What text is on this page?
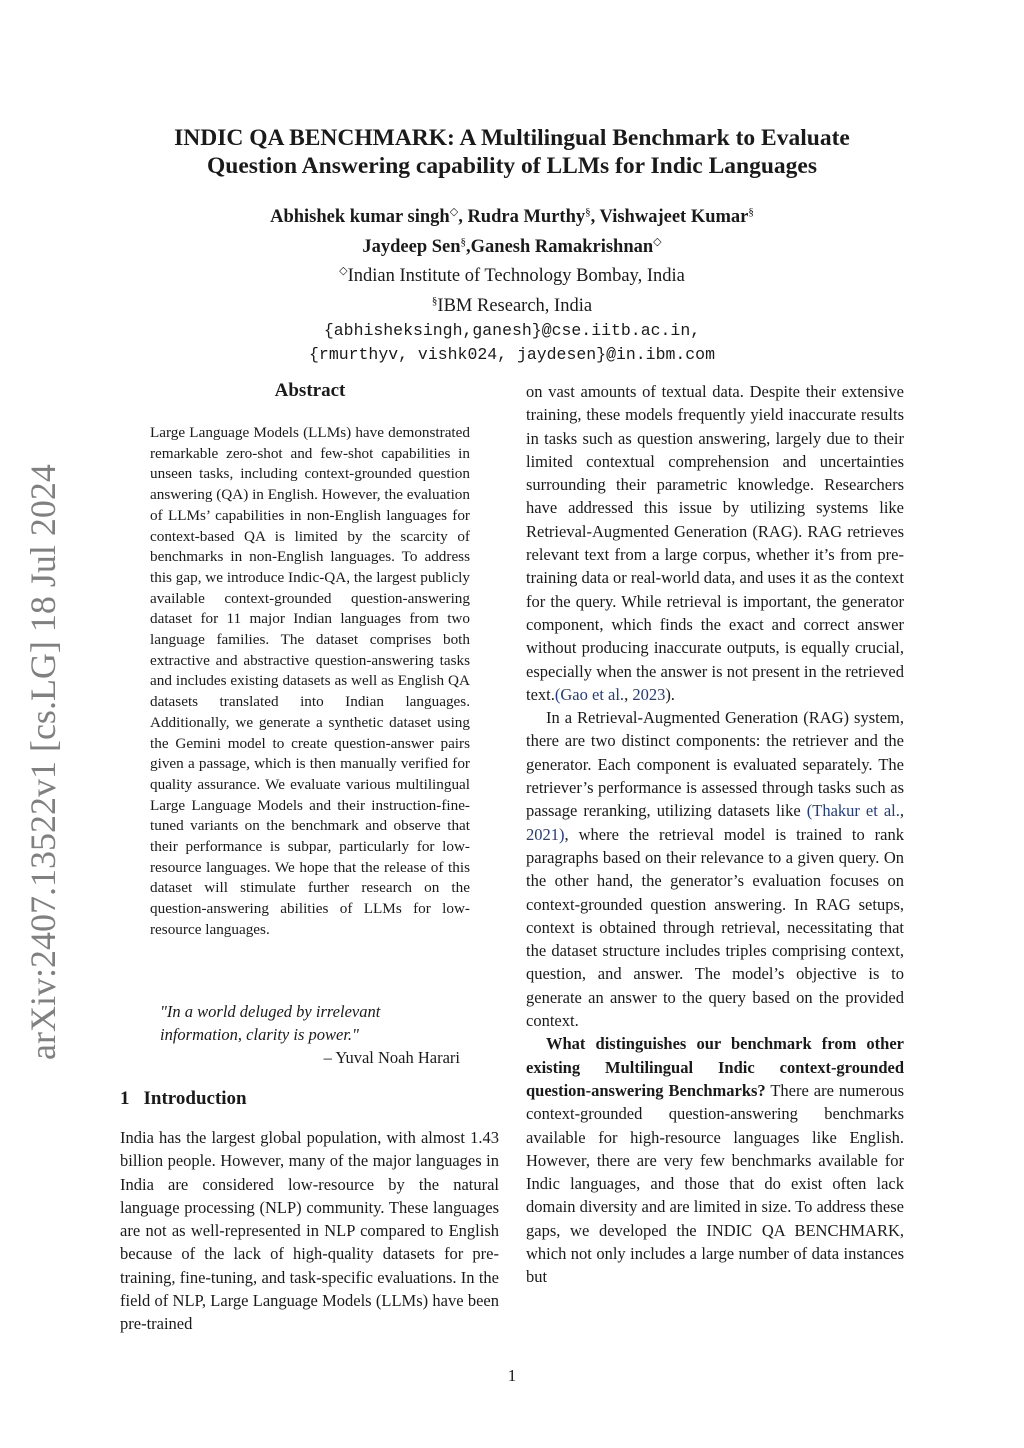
arXiv:2407.13522v1 [cs.LG] 18 Jul 2024

INDIC QA BENCHMARK: A Multilingual Benchmark to Evaluate

Question Answering capability of LLMs for Indic Languages

Abhishek kumar singh◇, Rudra Murthy§, Vishwajeet Kumar§
Jaydeep Sen§,Ganesh Ramakrishnan◇
◇Indian Institute of Technology Bombay, India
§IBM Research, India
{abhisheksingh,ganesh}@cse.iitb.ac.in,
{rmurthyv, vishk024, jaydesen}@in.ibm.com
Abstract
Large Language Models (LLMs) have demonstrated remarkable zero-shot and few-shot capabilities in unseen tasks, including context-grounded question answering (QA) in English. However, the evaluation of LLMs’ capabilities in non-English languages for context-based QA is limited by the scarcity of benchmarks in non-English languages. To address this gap, we introduce Indic-QA, the largest publicly available context-grounded question-answering dataset for 11 major Indian languages from two language families. The dataset comprises both extractive and abstractive question-answering tasks and includes existing datasets as well as English QA datasets translated into Indian languages. Additionally, we generate a synthetic dataset using the Gemini model to create question-answer pairs given a passage, which is then manually verified for quality assurance. We evaluate various multilingual Large Language Models and their instruction-fine-tuned variants on the benchmark and observe that their performance is subpar, particularly for low-resource languages. We hope that the release of this dataset will stimulate further research on the question-answering abilities of LLMs for low-resource languages.
"In a world deluged by irrelevant information, clarity is power."
– Yuval Noah Harari
1 Introduction
India has the largest global population, with almost 1.43 billion people. However, many of the major languages in India are considered low-resource by the natural language processing (NLP) community. These languages are not as well-represented in NLP compared to English because of the lack of high-quality datasets for pre-training, fine-tuning, and task-specific evaluations. In the field of NLP, Large Language Models (LLMs) have been pre-trained

on vast amounts of textual data. Despite their extensive training, these models frequently yield inaccurate results in tasks such as question answering, largely due to their limited contextual comprehension and uncertainties surrounding their parametric knowledge. Researchers have addressed this issue by utilizing systems like Retrieval-Augmented Generation (RAG). RAG retrieves relevant text from a large corpus, whether it’s from pre-training data or real-world data, and uses it as the context for the query. While retrieval is important, the generator component, which finds the exact and correct answer without producing inaccurate outputs, is equally crucial, especially when the answer is not present in the retrieved text.(Gao et al., 2023).

In a Retrieval-Augmented Generation (RAG) system, there are two distinct components: the retriever and the generator. Each component is evaluated separately. The retriever’s performance is assessed through tasks such as passage reranking, utilizing datasets like (Thakur et al., 2021), where the retrieval model is trained to rank paragraphs based on their relevance to a given query. On the other hand, the generator’s evaluation focuses on context-grounded question answering. In RAG setups, context is obtained through retrieval, necessitating that the dataset structure includes triples comprising context, question, and answer. The model’s objective is to generate an answer to the query based on the provided context.

What distinguishes our benchmark from other existing Multilingual Indic context-grounded question-answering Benchmarks? There are numerous context-grounded question-answering benchmarks available for high-resource languages like English. However, there are very few benchmarks available for Indic languages, and those that do exist often lack domain diversity and are limited in size. To address these gaps, we developed the INDIC QA BENCHMARK, which not only includes a large number of data instances but

1
